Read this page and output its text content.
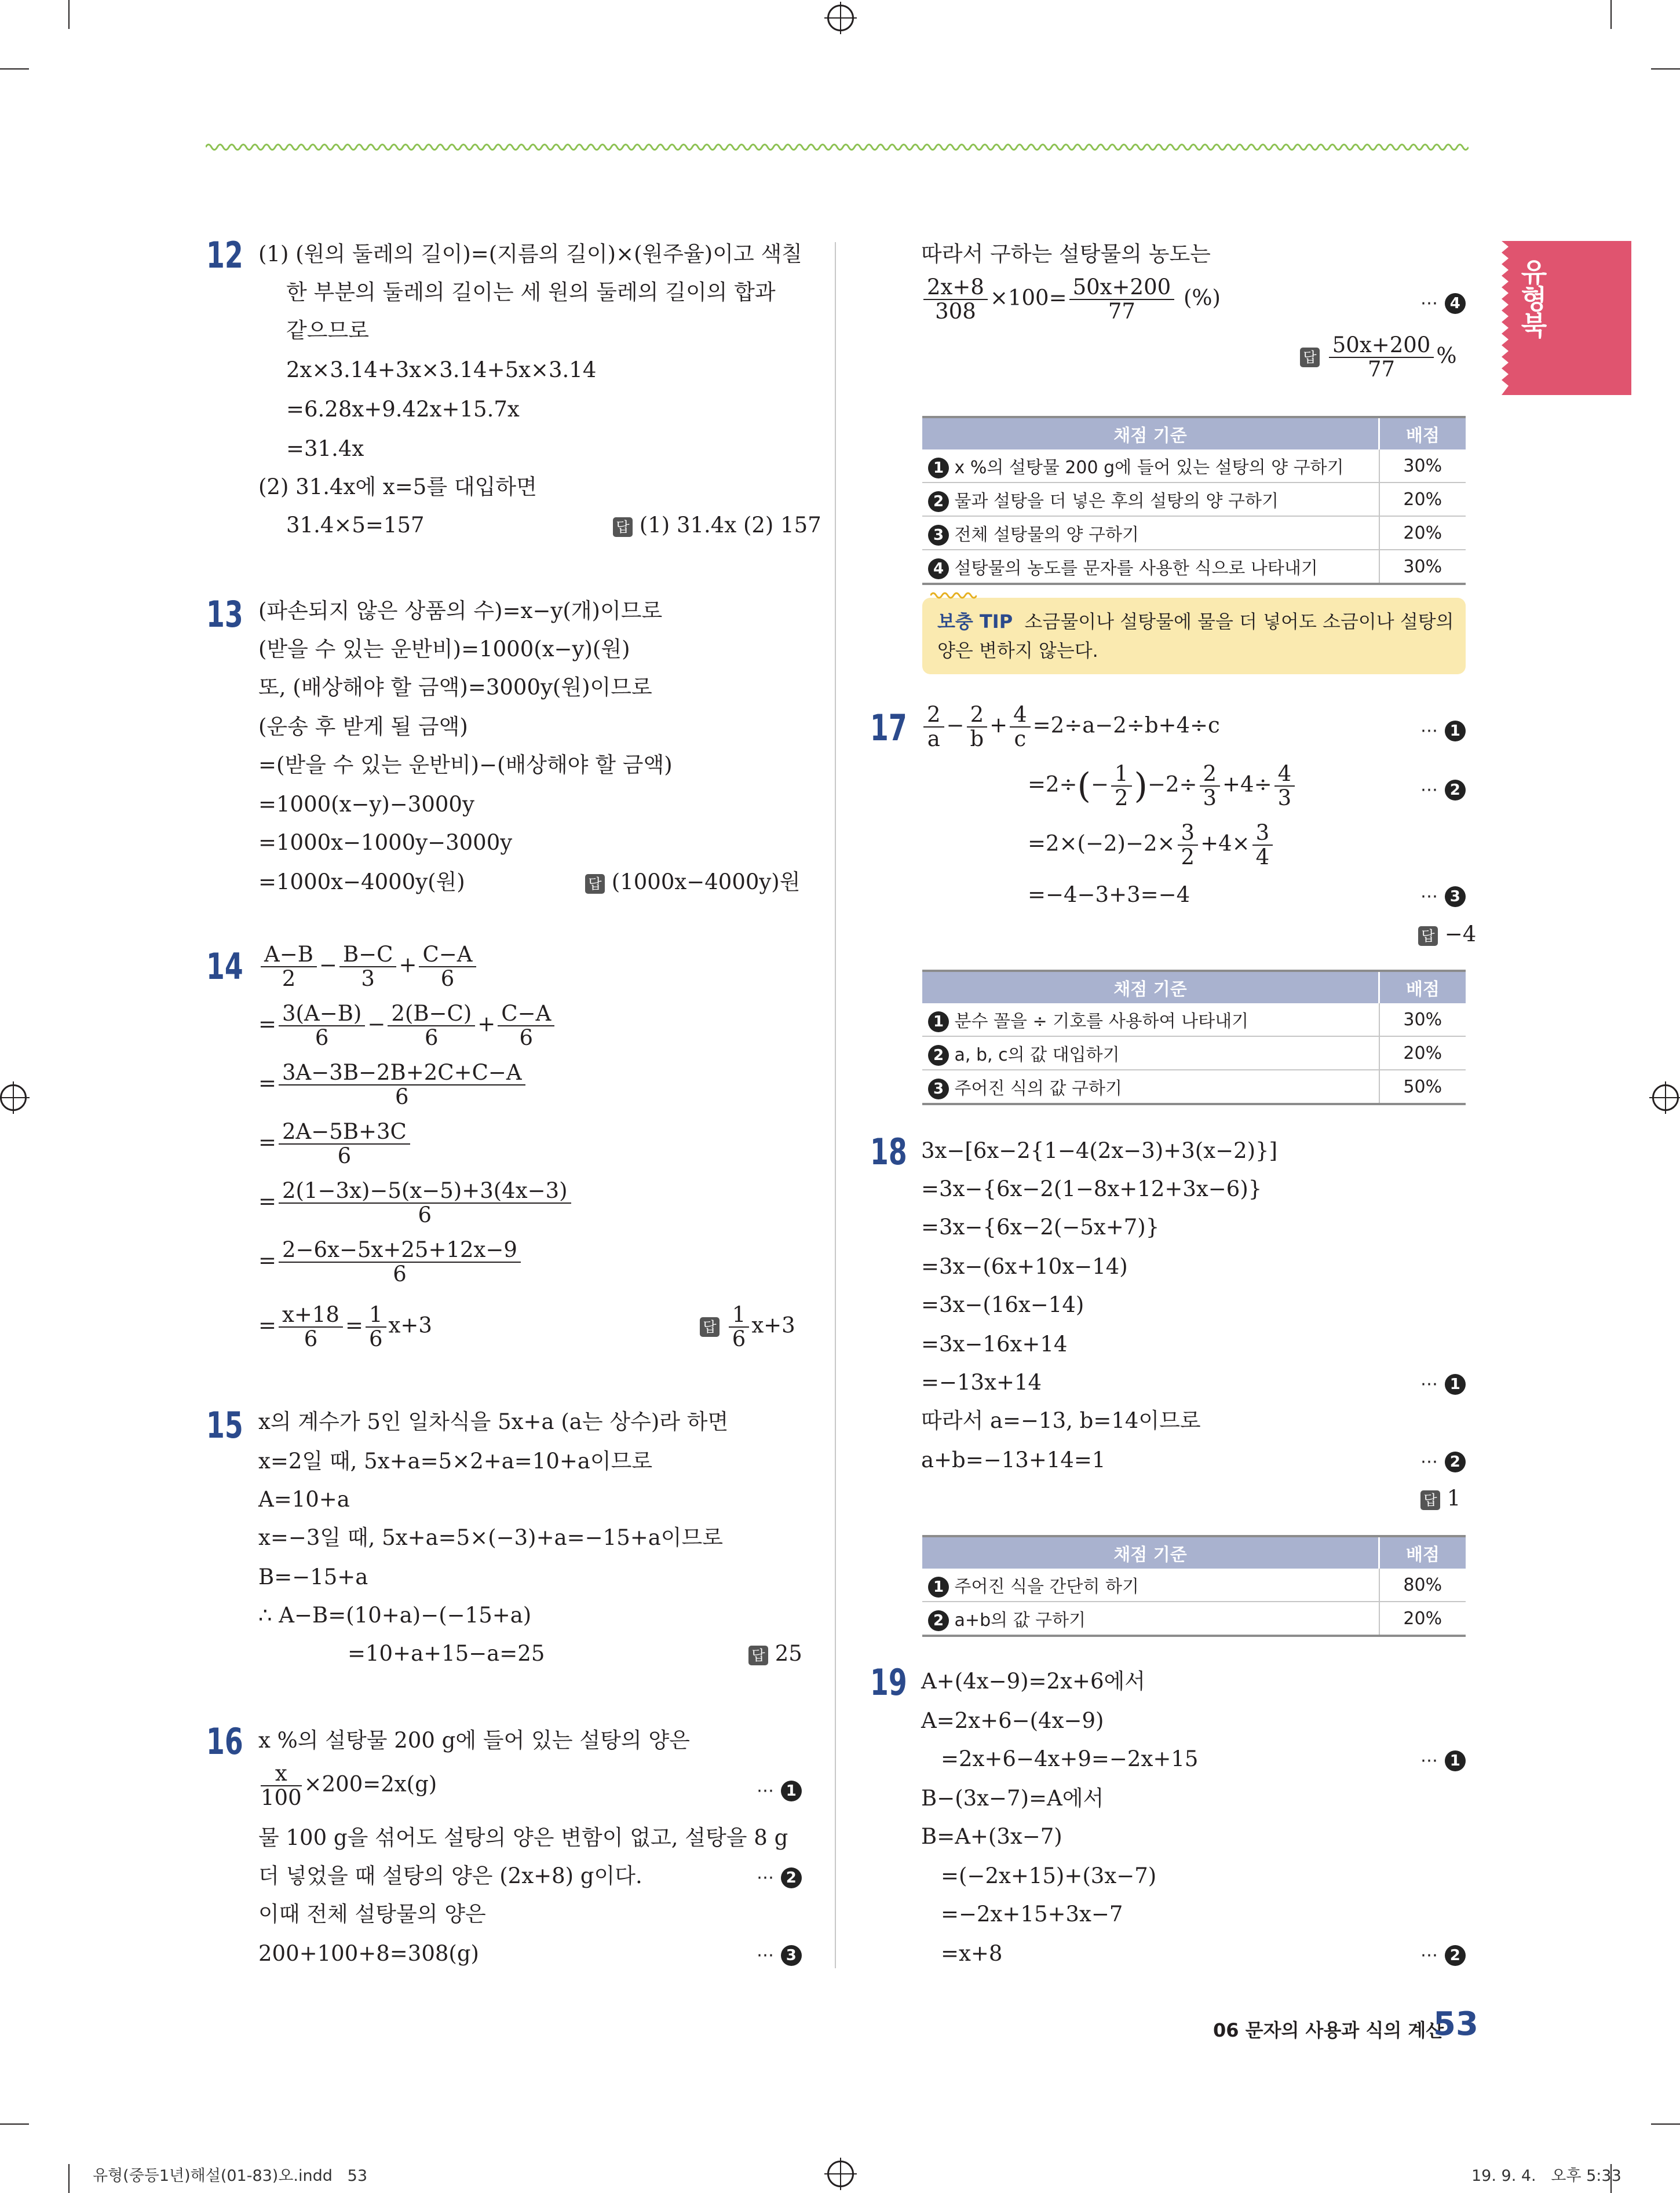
유형북
12 (1) (원의 둘레의 길이)=(지름의 길이)×(원주율)이고 색칠
한 부분의 둘레의 길이는 세 원의 둘레의 길이의 합과
같으므로
2x×3.14+3x×3.14+5x×3.14
=6.28x+9.42x+15.7x
=31.4x
(2) 31.4x에 x=5를 대입하면
31.4×5=157	답 (1) 31.4x (2) 157
13 (파손되지 않은 상품의 수)=x−y(개)이므로
(받을 수 있는 운반비)=1000(x−y)(원)
또, (배상해야 할 금액)=3000y(원)이므로
(운송 후 받게 될 금액)
=(받을 수 있는 운반비)−(배상해야 할 금액)
=1000(x−y)−3000y
=1000x−1000y−3000y
=1000x−4000y(원)	답 (1000x−4000y)원
$14 \frac{A-B}{2} - \frac{B-C}{3} + \frac{C-A}{6}$
= $\frac{3(A-B)}{6} - \frac{2(B-C)}{6} + \frac{C-A}{6}$
= $\frac{3A-3B-2B+2C+C-A}{6}$
= $\frac{2A-5B+3C}{6}$
= $\frac{2(1-3x)-5(x-5)+3(4x-3)}{6}$
= $\frac{2-6x-5x+25+12x-9}{6}$
= $\frac{x+18}{6} = \frac{1}{6} x+3$	답 $\frac{1}{6} x+3$
15 x의 계수가 5인 일차식을 5x+a (a는 상수)라 하면
x=2일 때, 5x+a=5×2+a=10+a이므로
A=10+a
x=−3일 때, 5x+a=5×(−3)+a=−15+a이므로
B=−15+a
∴ A−B=(10+a)−(−15+a)
=10+a+15−a=25	답 25
16 x %의 설탕물 200 g에 들어 있는 설탕의 양은
$\frac{x}{100} \times 200=2x(g)$	⋯ 1
물 100 g을 섞어도 설탕의 양은 변함이 없고, 설탕을 8 g
더 넣었을 때 설탕의 양은 (2x+8) g이다.	⋯ 2
이때 전체 설탕물의 양은
200+100+8=308(g)	⋯ 3
따라서 구하는 설탕물의 농도는
$\frac{2x+8}{308} \times 100= \frac{50x+200}{77}$ (%)	⋯ 4
답 $\frac{50x+200}{77}$ %
채점 기준	배점
1 x %의 설탕물 200 g에 들어 있는 설탕의 양 구하기	30%
2 물과 설탕을 더 넣은 후의 설탕의 양 구하기	20%
3 전체 설탕물의 양 구하기	20%
4 설탕물의 농도를 문자를 사용한 식으로 나타내기	30%
보충 TIP 소금물이나 설탕물에 물을 더 넣어도 소금이나 설탕의
양은 변하지 않는다.
$17 \frac{2}{a} - \frac{2}{b} + \frac{4}{c} =2\div a-2\div b+4\div c$	⋯ 1
$=2\div(- \frac{1}{2} )-2\div \frac{2}{3} +4\div \frac{4}{3}$	⋯ 2
$=2\times(-2)-2\times \frac{3}{2} +4\times \frac{3}{4}$
=−4−3+3=−4	⋯ 3
답 −4
채점 기준	배점
1 분수 꼴을 ÷ 기호를 사용하여 나타내기	30%
2 a, b, c의 값 대입하기	20%
3 주어진 식의 값 구하기	50%
18 3x−[6x−2{1−4(2x−3)+3(x−2)}]
=3x−{6x−2(1−8x+12+3x−6)}
=3x−{6x−2(−5x+7)}
=3x−(6x+10x−14)
=3x−(16x−14)
=3x−16x+14
=−13x+14	⋯ 1
따라서 a=−13, b=14이므로
a+b=−13+14=1	⋯ 2
답 1
채점 기준	배점
1 주어진 식을 간단히 하기	80%
2 a+b의 값 구하기	20%
19 A+(4x−9)=2x+6에서
A=2x+6−(4x−9)
=2x+6−4x+9=−2x+15	⋯ 1
B−(3x−7)=A에서
B=A+(3x−7)
=(−2x+15)+(3x−7)
=−2x+15+3x−7
=x+8	⋯ 2
06 문자의 사용과 식의 계산
53
유형(중등1년)해설(01-83)오.indd   53	19. 9. 4.   오후 5:33
